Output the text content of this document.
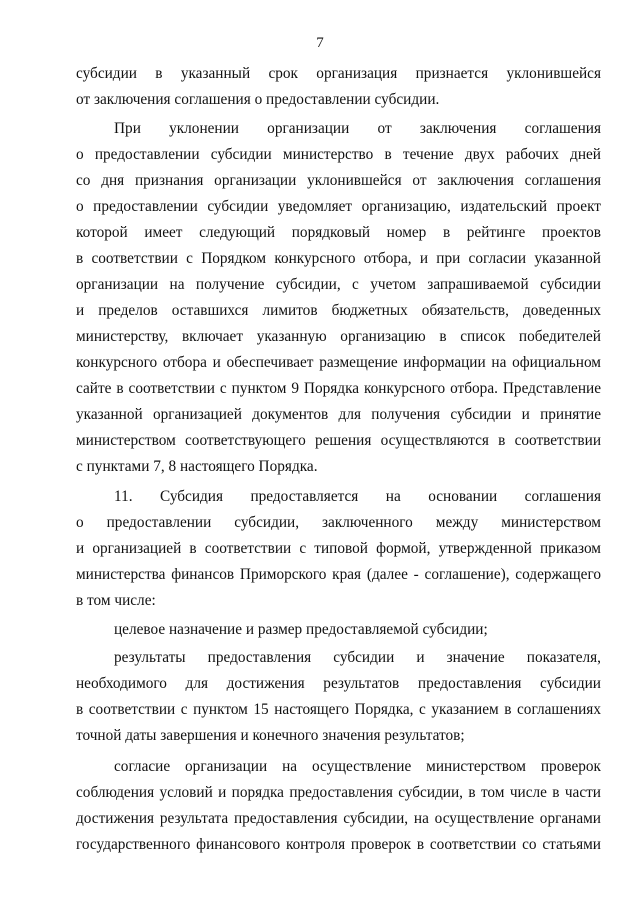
7
субсидии в указанный срок организация признается уклонившейся
от заключения соглашения о предоставлении субсидии.
При уклонении организации от заключения соглашения
о предоставлении субсидии министерство в течение двух рабочих дней
со дня признания организации уклонившейся от заключения соглашения
о предоставлении субсидии уведомляет организацию, издательский проект
которой имеет следующий порядковый номер в рейтинге проектов
в соответствии с Порядком конкурсного отбора, и при согласии указанной
организации на получение субсидии, с учетом запрашиваемой субсидии
и пределов оставшихся лимитов бюджетных обязательств, доведенных
министерству, включает указанную организацию в список победителей
конкурсного отбора и обеспечивает размещение информации на официальном
сайте в соответствии с пунктом 9 Порядка конкурсного отбора. Представление
указанной организацией документов для получения субсидии и принятие
министерством соответствующего решения осуществляются в соответствии
с пунктами 7, 8 настоящего Порядка.
11. Субсидия предоставляется на основании соглашения
о предоставлении субсидии, заключенного между министерством
и организацией в соответствии с типовой формой, утвержденной приказом
министерства финансов Приморского края (далее - соглашение), содержащего
в том числе:
целевое назначение и размер предоставляемой субсидии;
результаты предоставления субсидии и значение показателя,
необходимого для достижения результатов предоставления субсидии
в соответствии с пунктом 15 настоящего Порядка, с указанием в соглашениях
точной даты завершения и конечного значения результатов;
согласие организации на осуществление министерством проверок
соблюдения условий и порядка предоставления субсидии, в том числе в части
достижения результата предоставления субсидии, на осуществление органами
государственного финансового контроля проверок в соответствии со статьями
